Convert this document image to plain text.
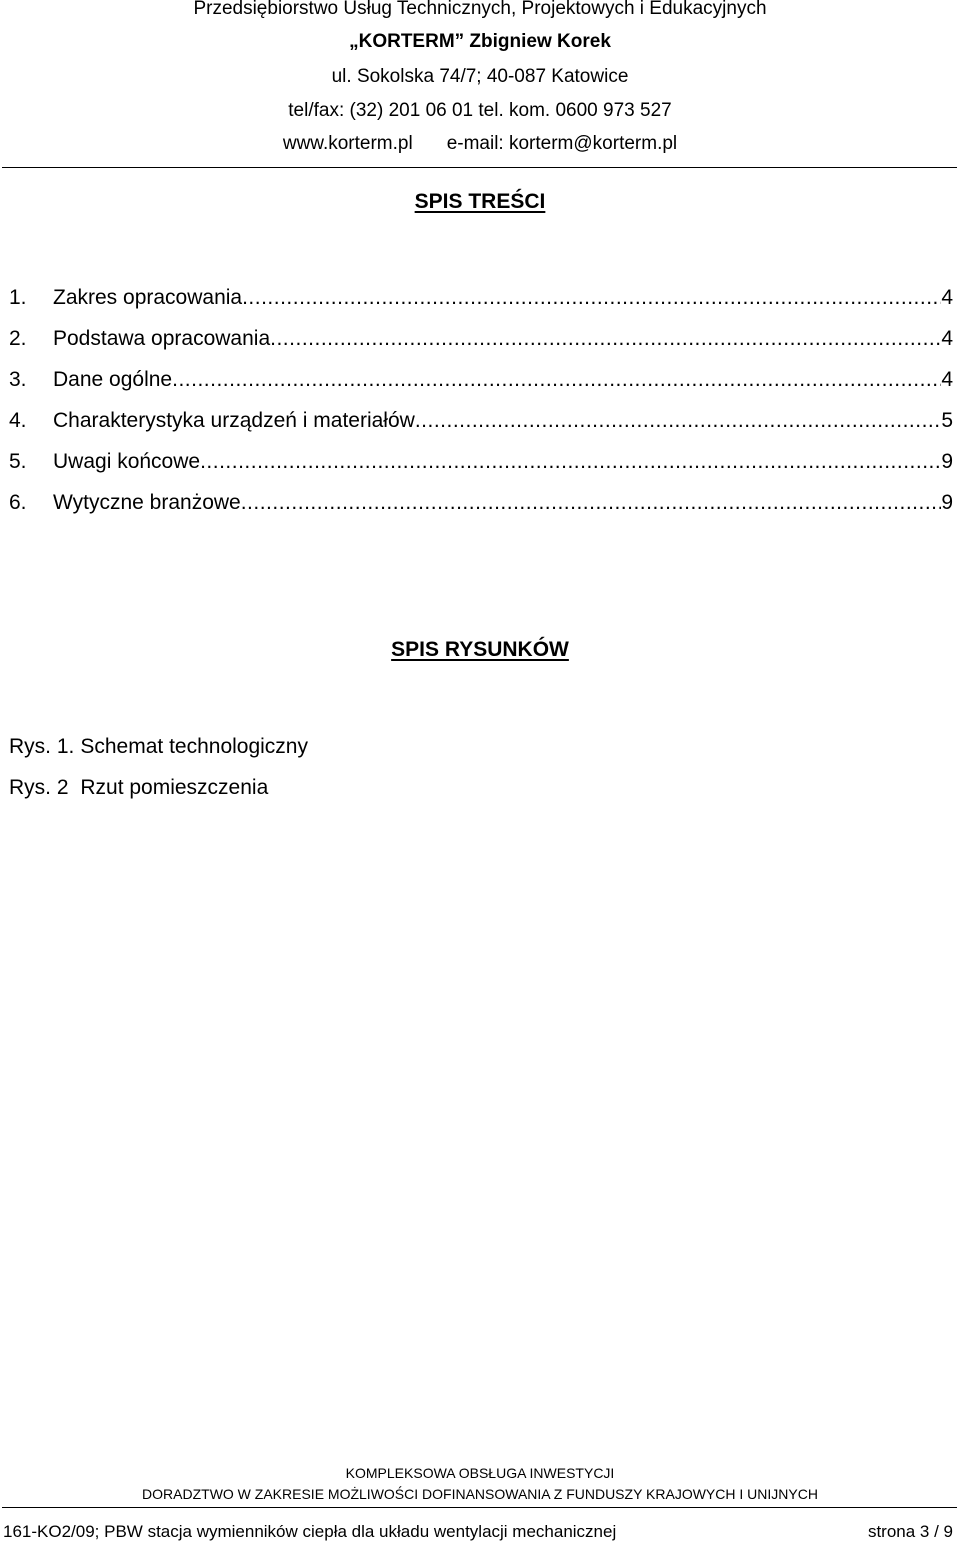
Przedsiębiorstwo Usług Technicznych, Projektowych i Edukacyjnych
„KORTERM” Zbigniew Korek
ul. Sokolska 74/7; 40-087 Katowice
tel/fax: (32) 201 06 01 tel. kom. 0600 973 527
www.korterm.pl e-mail: korterm@korterm.pl
SPIS TREŚCI
1.	Zakres opracowania .....	4
2.	Podstawa opracowania .....	4
3.	Dane ogólne .....	4
4.	Charakterystyka urządzeń i materiałów .....	5
5.	Uwagi końcowe .....	9
6.	Wytyczne branżowe .....	9
SPIS RYSUNKÓW
Rys. 1. Schemat technologiczny
Rys. 2 Rzut pomieszczenia
KOMPLEKSOWA OBSŁUGA INWESTYCJI
DORADZTWO W ZAKRESIE MOŻLIWOŚCI DOFINANSOWANIA Z FUNDUSZY KRAJOWYCH I UNIJNYCH
161-KO2/09; PBW stacja wymienników ciepła dla układu wentylacji mechanicznej	strona 3 / 9
